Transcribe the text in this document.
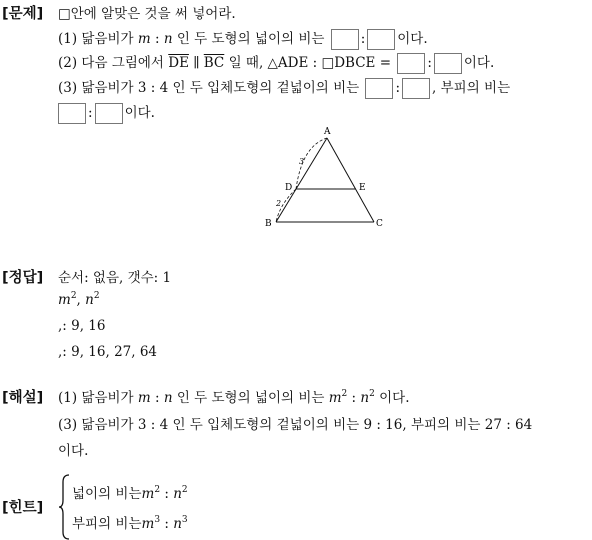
[문제] □안에 알맞은 것을 써 넣어라.
(1) 닮음비가 m : n 인 두 도형의 넓이의 비는 : 이다.
(2) 다음 그림에서 $\overline{DE}$ ∥ $\overline{BC}$ 일 때, △ADE : □DBCE = : 이다.
(3) 닮음비가 3 : 4 인 두 입체도형의 겉넓이의 비는 : , 부피의 비는
: 이다.
A
B	C
D	E
3
2
[정답] 순서: 없음, 갯수: 1
$m^2$, $n^2$
,: 9, 16
,: 9, 16, 27, 64
[해설] (1) 닮음비가 m : n 인 두 도형의 넓이의 비는 $m^2$ : $n^2$ 이다.
(3) 닮음비가 3 : 4 인 두 입체도형의 겉넓이의 비는 9 : 16, 부피의 비는 27 : 64
이다.
[힌트]
넓이의 비는$m^2$ : $n^2$
부피의 비는$m^3$ : $n^3$
